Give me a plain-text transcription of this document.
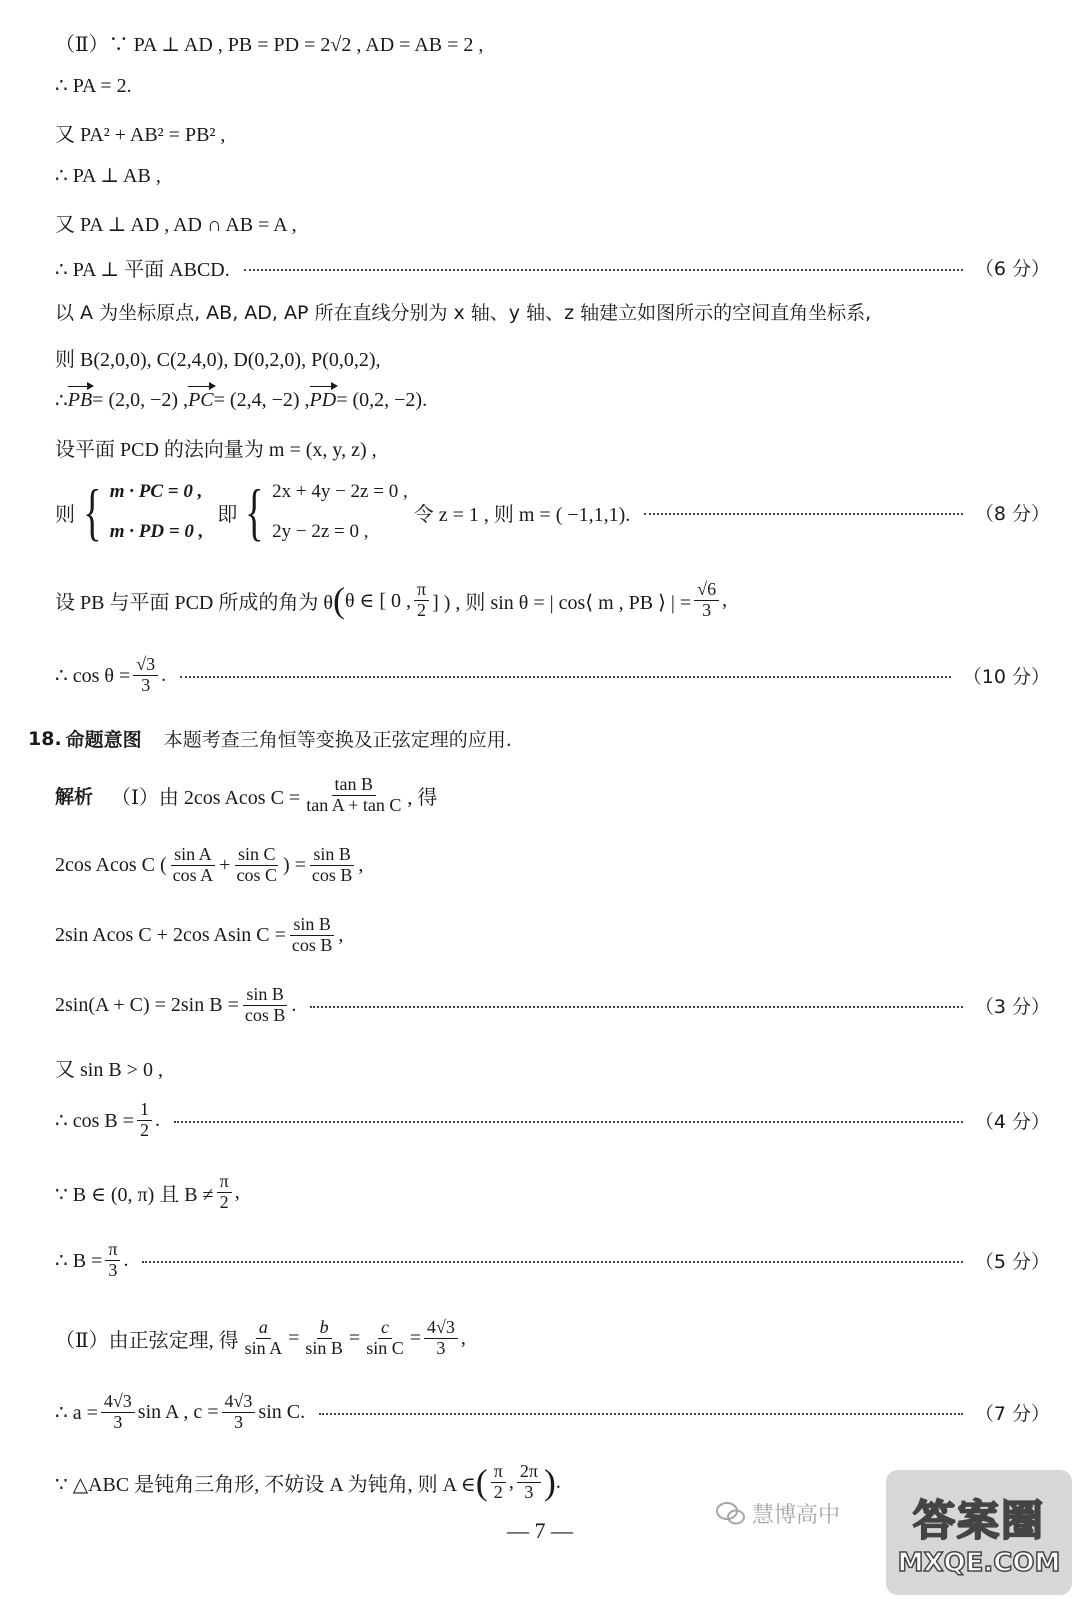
（Ⅱ）∵ PA ⊥ AD , PB = PD = 2√2 , AD = AB = 2 ,
∴ PA = 2.
又 PA² + AB² = PB² ,
∴ PA ⊥ AB ,
又 PA ⊥ AD , AD ∩ AB = A ,
∴ PA ⊥ 平面 ABCD.	（6 分）
以 A 为坐标原点, AB, AD, AP 所在直线分别为 x 轴、y 轴、z 轴建立如图所示的空间直角坐标系,
则 B(2,0,0), C(2,4,0), D(0,2,0), P(0,0,2),
∴ PB = (2,0, −2) , PC = (2,4, −2) , PD = (0,2, −2).
设平面 PCD 的法向量为 m = (x, y, z) ,
则 { m · PC = 0 ,
m · PD = 0 ,
即 { 2x + 4y − 2z = 0 ,
2y − 2z = 0 ,
令 z = 1 , 则 m = ( −1,1,1).	（8 分）
设 PB 与平面 PCD 所成的角为 θ ( θ ∈ [ 0 , $\frac{\pi}{2}$ ] ) , 则 sin θ = | cos⟨ m , PB ⟩ | = $\frac{√6}{3}$ ,
∴ $\cos \theta = \frac{√3}{3}$ .	（10 分）
18. 命题意图 本题考查三角恒等变换及正弦定理的应用.
解析 （Ⅰ）由 2cos Acos $C = \frac{\text{tan B}}{\text{tan A + tan C}}$ , 得
2cos Acos C ( $\frac{\text{sin A}}{\text{cos A}} + \frac{\text{sin C}}{\text{cos C}}$ ) = $\frac{\text{sin B}}{\text{cos B}}$ ,
2sin Acos C + 2cos Asin $C = \frac{\text{sin B}}{\text{cos B}}$ ,
2sin(A + C) = 2sin $B = \frac{\text{sin B}}{\text{cos B}}$ .	（3 分）
又 sin B > 0 ,
∴ $\cos B = \frac{1}{2}$ .	（4 分）
∵ B ∈ (0, π) 且 $B \ne \frac{\pi}{2}$ ,
∴ $B = \frac{\pi}{3}$ .	（5 分）
（Ⅱ）由正弦定理, 得 $\frac{a}{\text{sin A}} = \frac{b}{\text{sin B}} = \frac{c}{\text{sin C}} = \frac{4√3}{3}$ ,
∴ $a = \frac{4√3}{3}$ sin A , $c = \frac{4√3}{3}$ sin C.	（7 分）
∵ △ABC 是钝角三角形, 不妨设 A 为钝角, 则 A ∈ ( $\frac{\pi}{2}$ , $\frac{2\pi}{3}$ ) .
— 7 —
慧博高中 答案圈
MXQE.COM
